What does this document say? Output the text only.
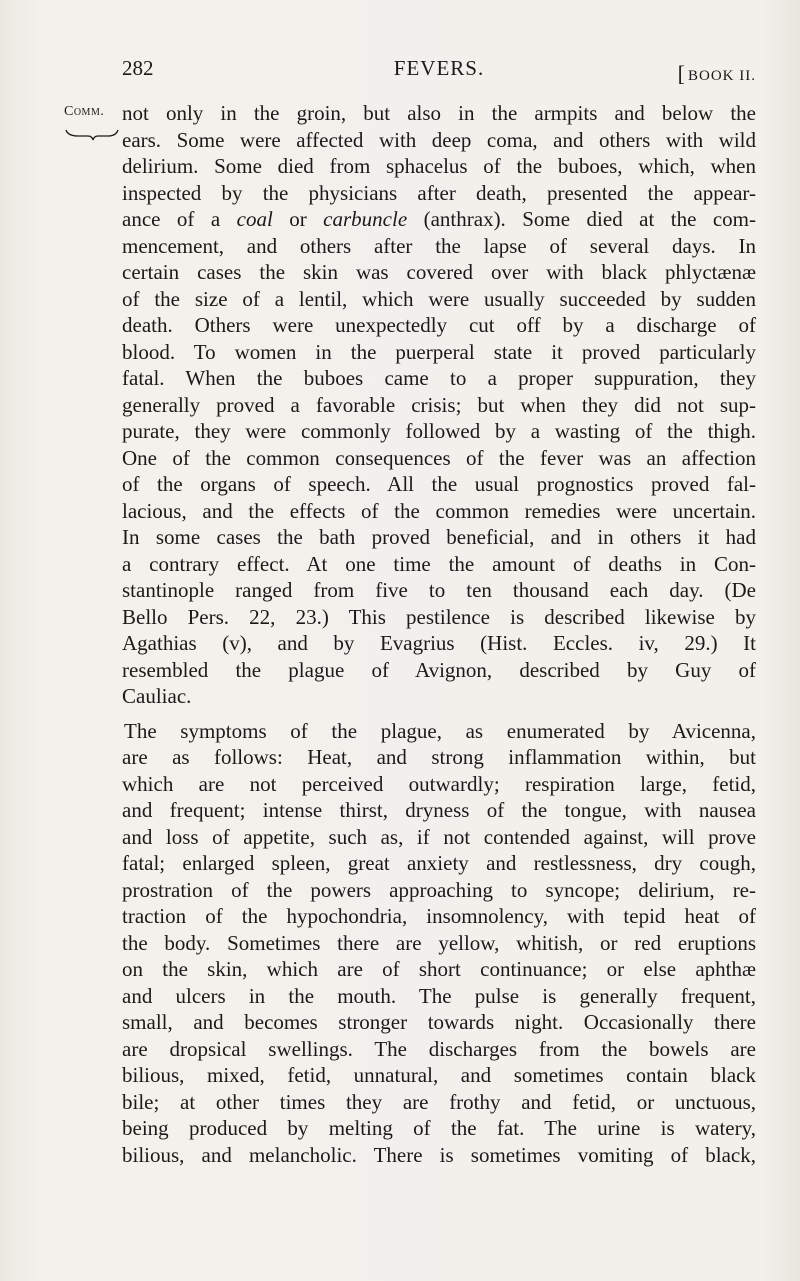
282	FEVERS.	[ BOOK II.
Comm. not only in the groin, but also in the armpits and below the
ears. Some were affected with deep coma, and others with wild
delirium. Some died from sphacelus of the buboes, which, when
inspected by the physicians after death, presented the appear-
ance of a coal or carbuncle (anthrax). Some died at the com-
mencement, and others after the lapse of several days. In
certain cases the skin was covered over with black phlyctænæ
of the size of a lentil, which were usually succeeded by sudden
death. Others were unexpectedly cut off by a discharge of
blood. To women in the puerperal state it proved particularly
fatal. When the buboes came to a proper suppuration, they
generally proved a favorable crisis; but when they did not sup-
purate, they were commonly followed by a wasting of the thigh.
One of the common consequences of the fever was an affection
of the organs of speech. All the usual prognostics proved fal-
lacious, and the effects of the common remedies were uncertain.
In some cases the bath proved beneficial, and in others it had
a contrary effect. At one time the amount of deaths in Con-
stantinople ranged from five to ten thousand each day. (De
Bello Pers. 22, 23.) This pestilence is described likewise by
Agathias (v), and by Evagrius (Hist. Eccles. iv, 29.) It
resembled the plague of Avignon, described by Guy of
Cauliac.
The symptoms of the plague, as enumerated by Avicenna,
are as follows: Heat, and strong inflammation within, but
which are not perceived outwardly; respiration large, fetid,
and frequent; intense thirst, dryness of the tongue, with nausea
and loss of appetite, such as, if not contended against, will prove
fatal; enlarged spleen, great anxiety and restlessness, dry cough,
prostration of the powers approaching to syncope; delirium, re-
traction of the hypochondria, insomnolency, with tepid heat of
the body. Sometimes there are yellow, whitish, or red eruptions
on the skin, which are of short continuance; or else aphthæ
and ulcers in the mouth. The pulse is generally frequent,
small, and becomes stronger towards night. Occasionally there
are dropsical swellings. The discharges from the bowels are
bilious, mixed, fetid, unnatural, and sometimes contain black
bile; at other times they are frothy and fetid, or unctuous,
being produced by melting of the fat. The urine is watery,
bilious, and melancholic. There is sometimes vomiting of black,
